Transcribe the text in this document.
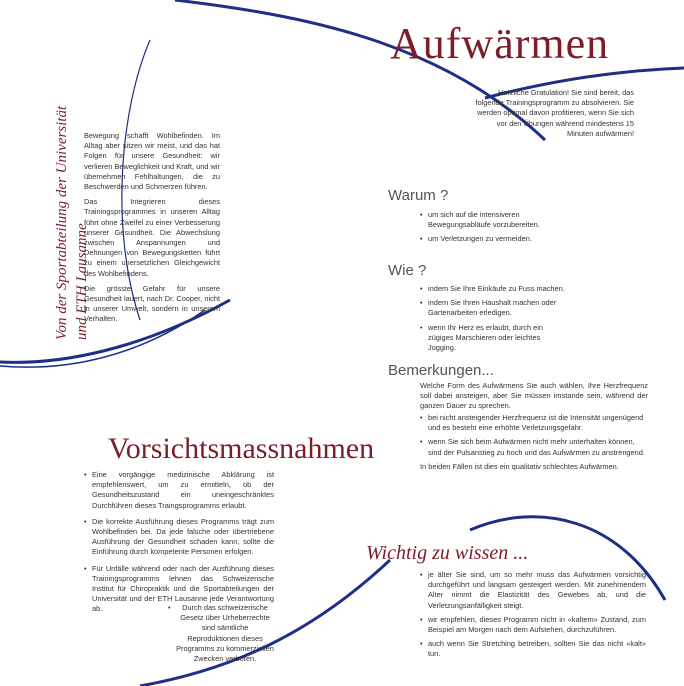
Von der Sportabteilung der Universität und ETH Lausanne
Aufwärmen
Herzliche Gratulation! Sie sind bereit, das folgende Trainingsprogramm zu absolvieren. Sie werden optimal davon profitieren, wenn Sie sich vor den Übungen während mindestens 15 Minuten aufwärmen!

Bewegung schafft Wohlbefinden. Im Alltag aber sitzen wir meist, und das hat Folgen für unsere Gesundheit: wir verlieren Beweglichkeit und Kraft, und wir übernehmen Fehlhaltungen, die zu Beschwerden und Schmerzen führen.

Das Integrieren dieses Trainingsprogrammes in unseren Alltag führt ohne Zweifel zu einer Verbesserung unserer Gesundheit. Die Abwechslung zwischen Anspannungen und Dehnungen von Bewegungsketten führt zu einem unersetzlichen Gleichgewicht des Wohlbefindens.

Die grösste Gefahr für unsere Gesundheit lauert, nach Dr. Cooper, nicht in unserer Umwelt, sondern in unserem Verhalten.

Warum ?
• um sich auf die intensiveren Bewegungsabläufe vorzubereiten.
• um Verletzungen zu vermeiden.
Wie ?
• indem Sie Ihre Einkäufe zu Fuss machen.
• indem Sie Ihren Haushalt machen oder Gartenarbeiten erledigen.
• wenn Ihr Herz es erlaubt, durch ein zügiges Marschieren oder leichtes Jogging.
Bemerkungen...
Welche Form des Aufwärmens Sie auch wählen, Ihre Herzfrequenz soll dabei ansteigen, aber Sie müssen imstande sein, während der ganzen Dauer zu sprechen.
• bei nicht ansteigender Herzfrequenz ist die Intensität ungenügend und es besteht eine erhöhte Verletzungsgefahr.
• wenn Sie sich beim Aufwärmen nicht mehr unterhalten können, sind der Pulsanstieg zu hoch und das Aufwärmen zu anstrengend.
In beiden Fällen ist dies ein qualitativ schlechtes Aufwärmen.
Vorsichtsmassnahmen
• Eine vorgängige medizinische Abklärung ist empfehlenswert, um zu ermitteln, ob der Gesundheitszustand ein uneingeschränktes Durchführen dieses Traingsprogramms erlaubt.
• Die korrekte Ausführung dieses Programms trägt zum Wohlbefinden bei. Da jede falsche oder übertriebene Ausführung der Gesundheit schaden kann, sollte die Einführung durch kompetente Personen erfolgen.
• Für Unfälle während oder nach der Ausführung dieses Trainingsprogramms lehnen das Schweizerische Institut für Chiropraktik und die Sportabteilungen der Universität und der ETH Lausanne jede Verantwortung ab.
•	Durch das schweizerische Gesetz über Urheberrechte sind sämtliche Reproduktionen dieses Programms zu kommerziellen Zwecken verboten.
Wichtig zu wissen ...
• je älter Sie sind, um so mehr muss das Aufwärmen vorsichtig durchgeführt und langsam gesteigert werden. Mit zunehmendem Alter nimmt die Elastizität des Gewebes ab, und die Verletzungsanfälligkeit steigt.
• wir empfehlen, dieses Programm nicht in «kaltem» Zustand, zum Beispiel am Morgen nach dem Aufstehen, durchzuführen.
• auch wenn Sie Stretching betreiben, sollten Sie das nicht «kalt» tun.
